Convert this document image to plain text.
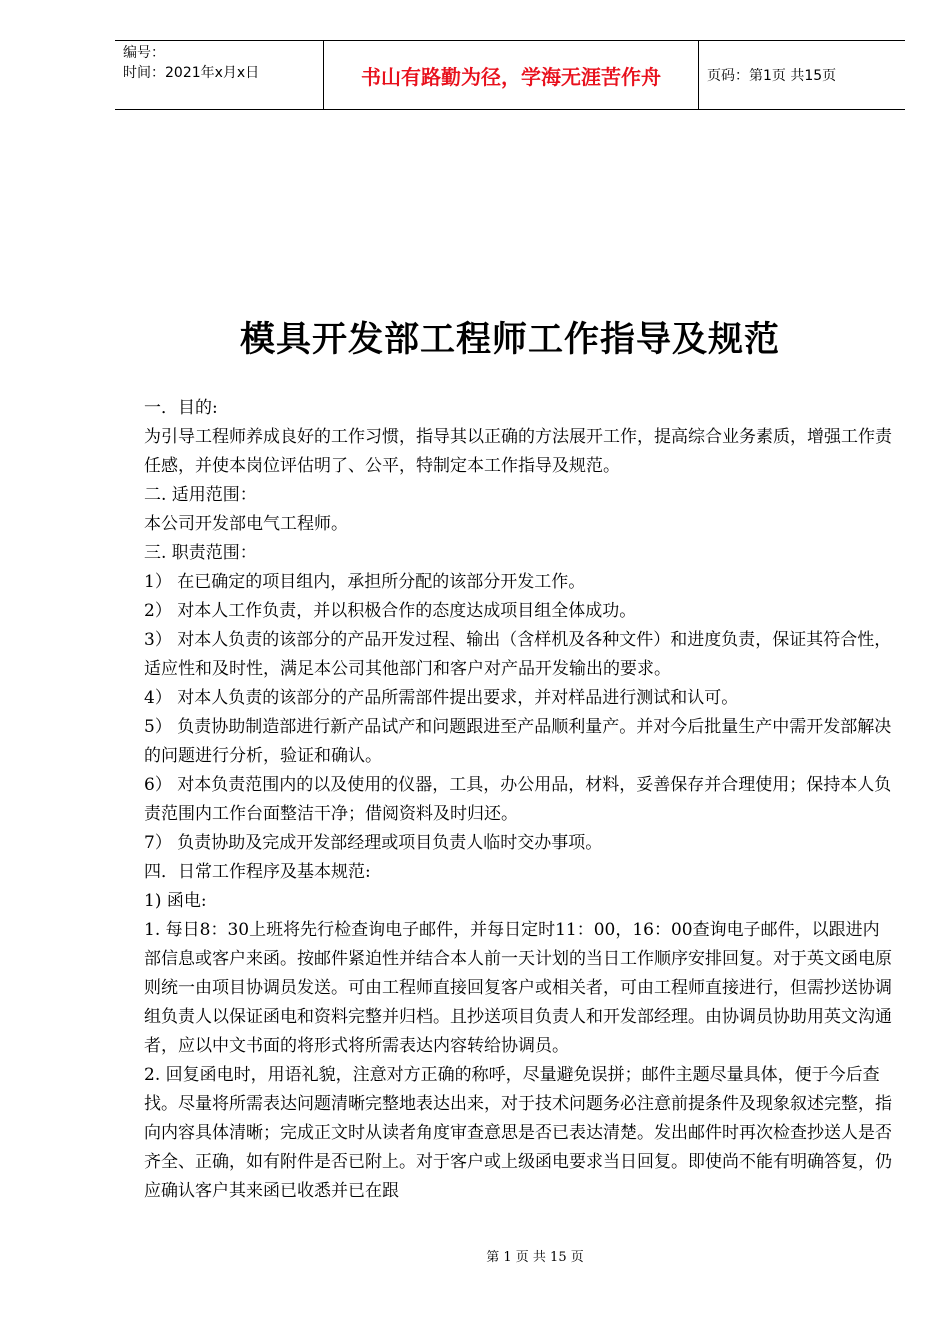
编号：
时间：2021年x月x日	书山有路勤为径，学海无涯苦作舟	页码：第1页 共15页
模具开发部工程师工作指导及规范

一．目的:

为引导工程师养成良好的工作习惯，指导其以正确的方法展开工作，提高综合业务素质，增强工作责任感，并使本岗位评估明了、公平，特制定本工作指导及规范。

二. 适用范围：

本公司开发部电气工程师。

三. 职责范围：

1） 在已确定的项目组内，承担所分配的该部分开发工作。

2） 对本人工作负责，并以积极合作的态度达成项目组全体成功。

3） 对本人负责的该部分的产品开发过程、输出（含样机及各种文件）和进度负责，保证其符合性，适应性和及时性，满足本公司其他部门和客户对产品开发输出的要求。

4） 对本人负责的该部分的产品所需部件提出要求，并对样品进行测试和认可。

5） 负责协助制造部进行新产品试产和问题跟进至产品顺利量产。并对今后批量生产中需开发部解决的问题进行分析，验证和确认。

6） 对本负责范围内的以及使用的仪器，工具，办公用品，材料，妥善保存并合理使用；保持本人负责范围内工作台面整洁干净；借阅资料及时归还。

7） 负责协助及完成开发部经理或项目负责人临时交办事项。

四．日常工作程序及基本规范:

1) 函电:

1. 每日8：30上班将先行检查询电子邮件，并每日定时11：00，16：00查询电子邮件，以跟进内部信息或客户来函。按邮件紧迫性并结合本人前一天计划的当日工作顺序安排回复。对于英文函电原则统一由项目协调员发送。可由工程师直接回复客户或相关者，可由工程师直接进行，但需抄送协调组负责人以保证函电和资料完整并归档。且抄送项目负责人和开发部经理。由协调员协助用英文沟通者，应以中文书面的将形式将所需表达内容转给协调员。

2. 回复函电时，用语礼貌，注意对方正确的称呼，尽量避免误拼；邮件主题尽量具体，便于今后查找。尽量将所需表达问题清晰完整地表达出来，对于技术问题务必注意前提条件及现象叙述完整，指向内容具体清晰；完成正文时从读者角度审查意思是否已表达清楚。发出邮件时再次检查抄送人是否齐全、正确，如有附件是否已附上。对于客户或上级函电要求当日回复。即使尚不能有明确答复，仍应确认客户其来函已收悉并已在跟

第 1 页 共 15 页
